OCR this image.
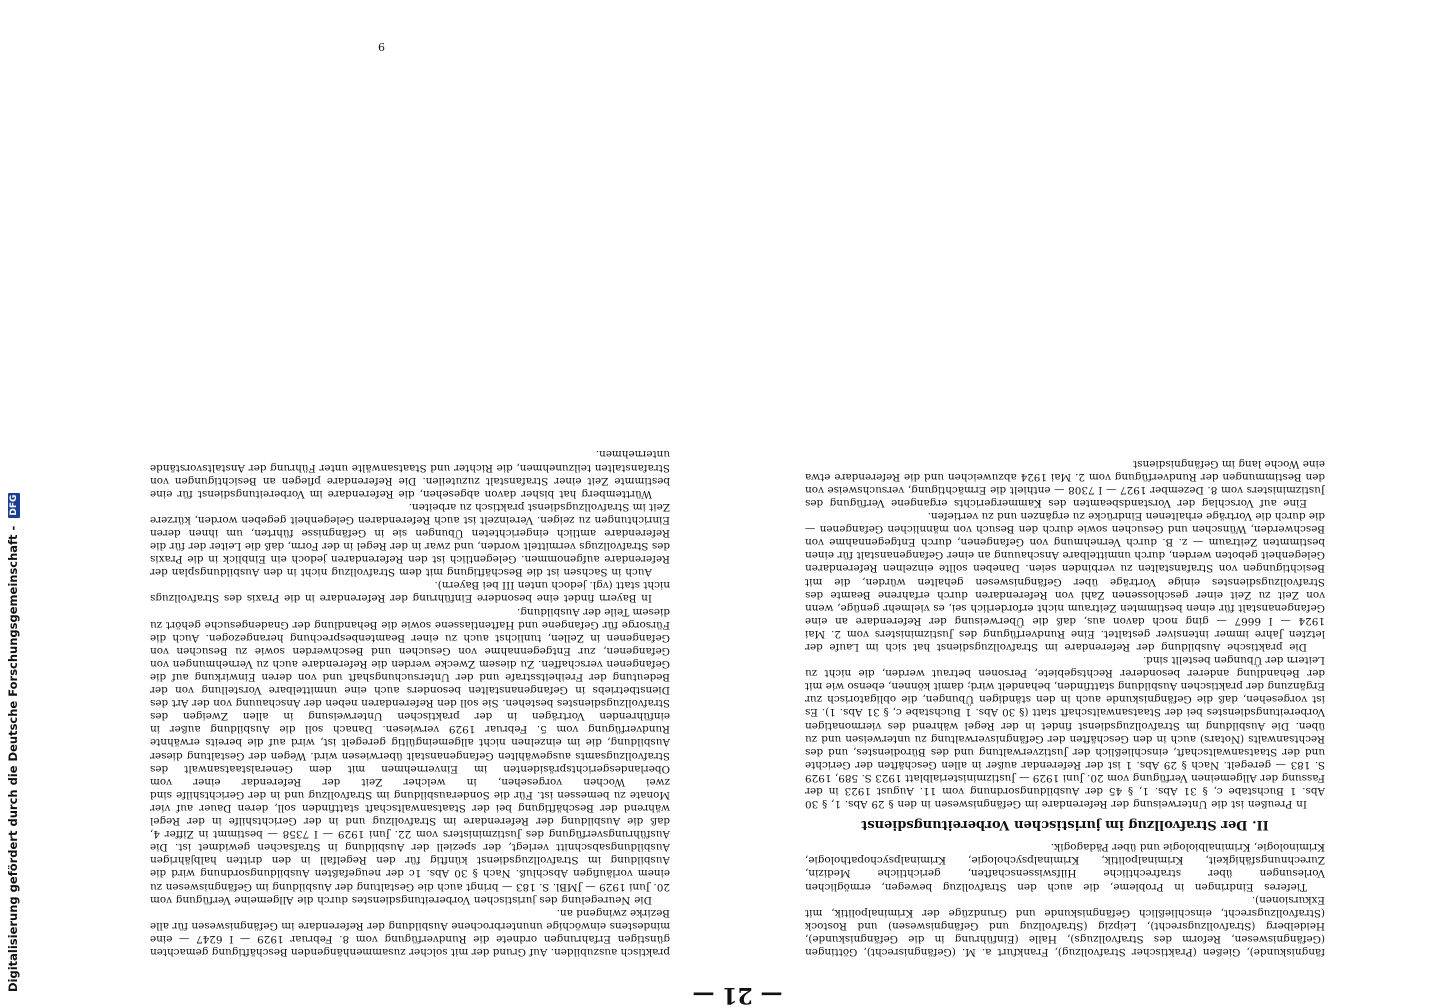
Digitalisierung gefördert durch die Deutsche Forschungsgemeinschaft - DFG
— 21 —

fängniskunde), Gießen (Praktischer Strafvollzug), Frankfurt a. M. (Gefängnisrecht), Göttingen (Gefängniswesen, Reform des Strafvollzugs), Halle (Einführung in die Gefängniskunde), Heidelberg (Strafvollzugsrecht), Leipzig (Strafvollzug und Gefängniswesen) und Rostock (Strafvollzugsrecht, einschließlich Gefängniskunde und Grundzüge der Kriminalpolitik, mit Exkursionen).

Tieferes Eindringen in Probleme, die auch den Strafvollzug bewegen, ermöglichen Vorlesungen über strafrechtliche Hilfswissenschaften, gerichtliche Medizin, Zurechnungsfähigkeit, Kriminalpolitik, Kriminalpsychologie, Kriminalpsychopathologie, Kriminologie, Kriminalbiologie und über Pädagogik.

II. Der Strafvollzug im juristischen Vorbereitungsdienst

In Preußen ist die Unterweisung der Referendare im Gefängniswesen in den § 29 Abs. 1, § 30 Abs. 1 Buchstabe c, § 31 Abs. 1, § 45 der Ausbildungsordnung vom 11. August 1923 in der Fassung der Allgemeinen Verfügung vom 20. Juni 1929 — Justizministerialblatt 1923 S. 589, 1929 S. 183 — geregelt. Nach § 29 Abs. 1 ist der Referendar außer in allen Geschäften der Gerichte und der Staatsanwaltschaft, einschließlich der Justizverwaltung und des Bürodienstes, und des Rechtsanwalts (Notars) auch in den Geschäften der Gefängnisverwaltung zu unterweisen und zu üben. Die Ausbildung im Strafvollzugsdienst findet in der Regel während des viermonatigen Vorbereitungsdienstes bei der Staatsanwaltschaft statt (§ 30 Abs. 1 Buchstabe c, § 31 Abs. 1). Es ist vorgesehen, daß die Gefängniskunde auch in den ständigen Übungen, die obligatorisch zur Ergänzung der praktischen Ausbildung stattfinden, behandelt wird; damit können, ebenso wie mit der Behandlung anderer besonderer Rechtsgebiete, Personen betraut werden, die nicht zu Leitern der Übungen bestellt sind.

Die praktische Ausbildung der Referendare im Strafvollzugsdienst hat sich im Laufe der letzten Jahre immer intensiver gestaltet. Eine Rundverfügung des Justizministers vom 2. Mai 1924 — I 6667 — ging noch davon aus, daß die Überweisung der Referendare an eine Gefangenanstalt für einen bestimmten Zeitraum nicht erforderlich sei, es vielmehr genüge, wenn von Zeit zu Zeit einer geschlossenen Zahl von Referendaren durch erfahrene Beamte des Strafvollzugsdienstes einige Vorträge über Gefängniswesen gehalten würden, die mit Besichtigungen von Strafanstalten zu verbinden seien. Daneben sollte einzelnen Referendaren Gelegenheit geboten werden, durch unmittelbare Anschauung an einer Gefangenanstalt für einen bestimmten Zeitraum — z. B. durch Vernehmung von Gefangenen, durch Entgegennahme von Beschwerden, Wünschen und Gesuchen sowie durch den Besuch von männlichen Gefangenen — die durch die Vorträge erhaltenen Eindrücke zu ergänzen und zu vertiefen.

Eine auf Vorschlag der Vorstandsbeamten des Kammergerichts ergangene Verfügung des Justizministers vom 8. Dezember 1927 — I 7308 — enthielt die Ermächtigung, versuchsweise von den Bestimmungen der Rundverfügung vom 2. Mai 1924 abzuweichen und die Referendare etwa eine Woche lang im Gefängnisdienst

praktisch auszubilden. Auf Grund der mit solcher zusammenhängenden Beschäftigung gemachten günstigen Erfahrungen ordnete die Rundverfügung vom 8. Februar 1929 — I 6247 — eine mindestens einwöchige ununterbrochene Ausbildung der Referendare im Gefängniswesen für alle Bezirke zwingend an.

Die Neuregelung des juristischen Vorbereitungsdienstes durch die Allgemeine Verfügung vom 20. Juni 1929 — JMBl. S. 183 — bringt auch die Gestaltung der Ausbildung im Gefängniswesen zu einem vorläufigen Abschluß. Nach § 30 Abs. 1c der neugefaßten Ausbildungsordnung wird die Ausbildung im Strafvollzugsdienst künftig für den Regelfall in den dritten halbjährigen Ausbildungsabschnitt verlegt, der speziell der Ausbildung in Strafsachen gewidmet ist. Die Ausführungsverfügung des Justizministers vom 22. Juni 1929 — I 7358 — bestimmt in Ziffer 4, daß die Ausbildung der Referendare im Strafvollzug und in der Gerichtshilfe in der Regel während der Beschäftigung bei der Staatsanwaltschaft stattfinden soll, deren Dauer auf vier Monate zu bemessen ist. Für die Sonderausbildung im Strafvollzug und in der Gerichtshilfe sind zwei Wochen vorgesehen, in welcher Zeit der Referendar einer vom Oberlandesgerichtspräsidenten im Einvernehmen mit dem Generalstaatsanwalt des Strafvollzugsamts ausgewählten Gefangenanstalt überwiesen wird. Wegen der Gestaltung dieser Ausbildung, die im einzelnen nicht allgemeingültig geregelt ist, wird auf die bereits erwähnte Rundverfügung vom 5. Februar 1929 verwiesen. Danach soll die Ausbildung außer in einführenden Vorträgen in der praktischen Unterweisung in allen Zweigen des Strafvollzugsdienstes bestehen. Sie soll den Referendaren neben der Anschauung von der Art des Dienstbetriebs in Gefangenanstalten besonders auch eine unmittelbare Vorstellung von der Bedeutung der Freiheitsstrafe und der Untersuchungshaft und von deren Einwirkung auf die Gefangenen verschaffen. Zu diesem Zwecke werden die Referendare auch zu Vernehmungen von Gefangenen, zur Entgegennahme von Gesuchen und Beschwerden sowie zu Besuchen von Gefangenen in Zellen, tunlichst auch zu einer Beamtenbesprechung herangezogen. Auch die Fürsorge für Gefangene und Haftentlassene sowie die Behandlung der Gnadengesuche gehört zu diesem Teile der Ausbildung.

In Bayern findet eine besondere Einführung der Referendare in die Praxis des Strafvollzugs nicht statt (vgl. jedoch unten III bei Bayern).

Auch in Sachsen ist die Beschäftigung mit dem Strafvollzug nicht in den Ausbildungsplan der Referendare aufgenommen. Gelegentlich ist den Referendaren jedoch ein Einblick in die Praxis des Strafvollzugs vermittelt worden, und zwar in der Regel in der Form, daß die Leiter der für die Referendare amtlich eingerichteten Übungen sie in Gefängnisse führten, um ihnen deren Einrichtungen zu zeigen. Vereinzelt ist auch Referendaren Gelegenheit gegeben worden, kürzere Zeit im Strafvollzugsdienst praktisch zu arbeiten.

Württemberg hat bisher davon abgesehen, die Referendare im Vorbereitungsdienst für eine bestimmte Zeit einer Strafanstalt zuzuteilen. Die Referendare pflegen an Besichtigungen von Strafanstalten teilzunehmen, die Richter und Staatsanwälte unter Führung der Anstaltsvorstände unternehmen.

9
